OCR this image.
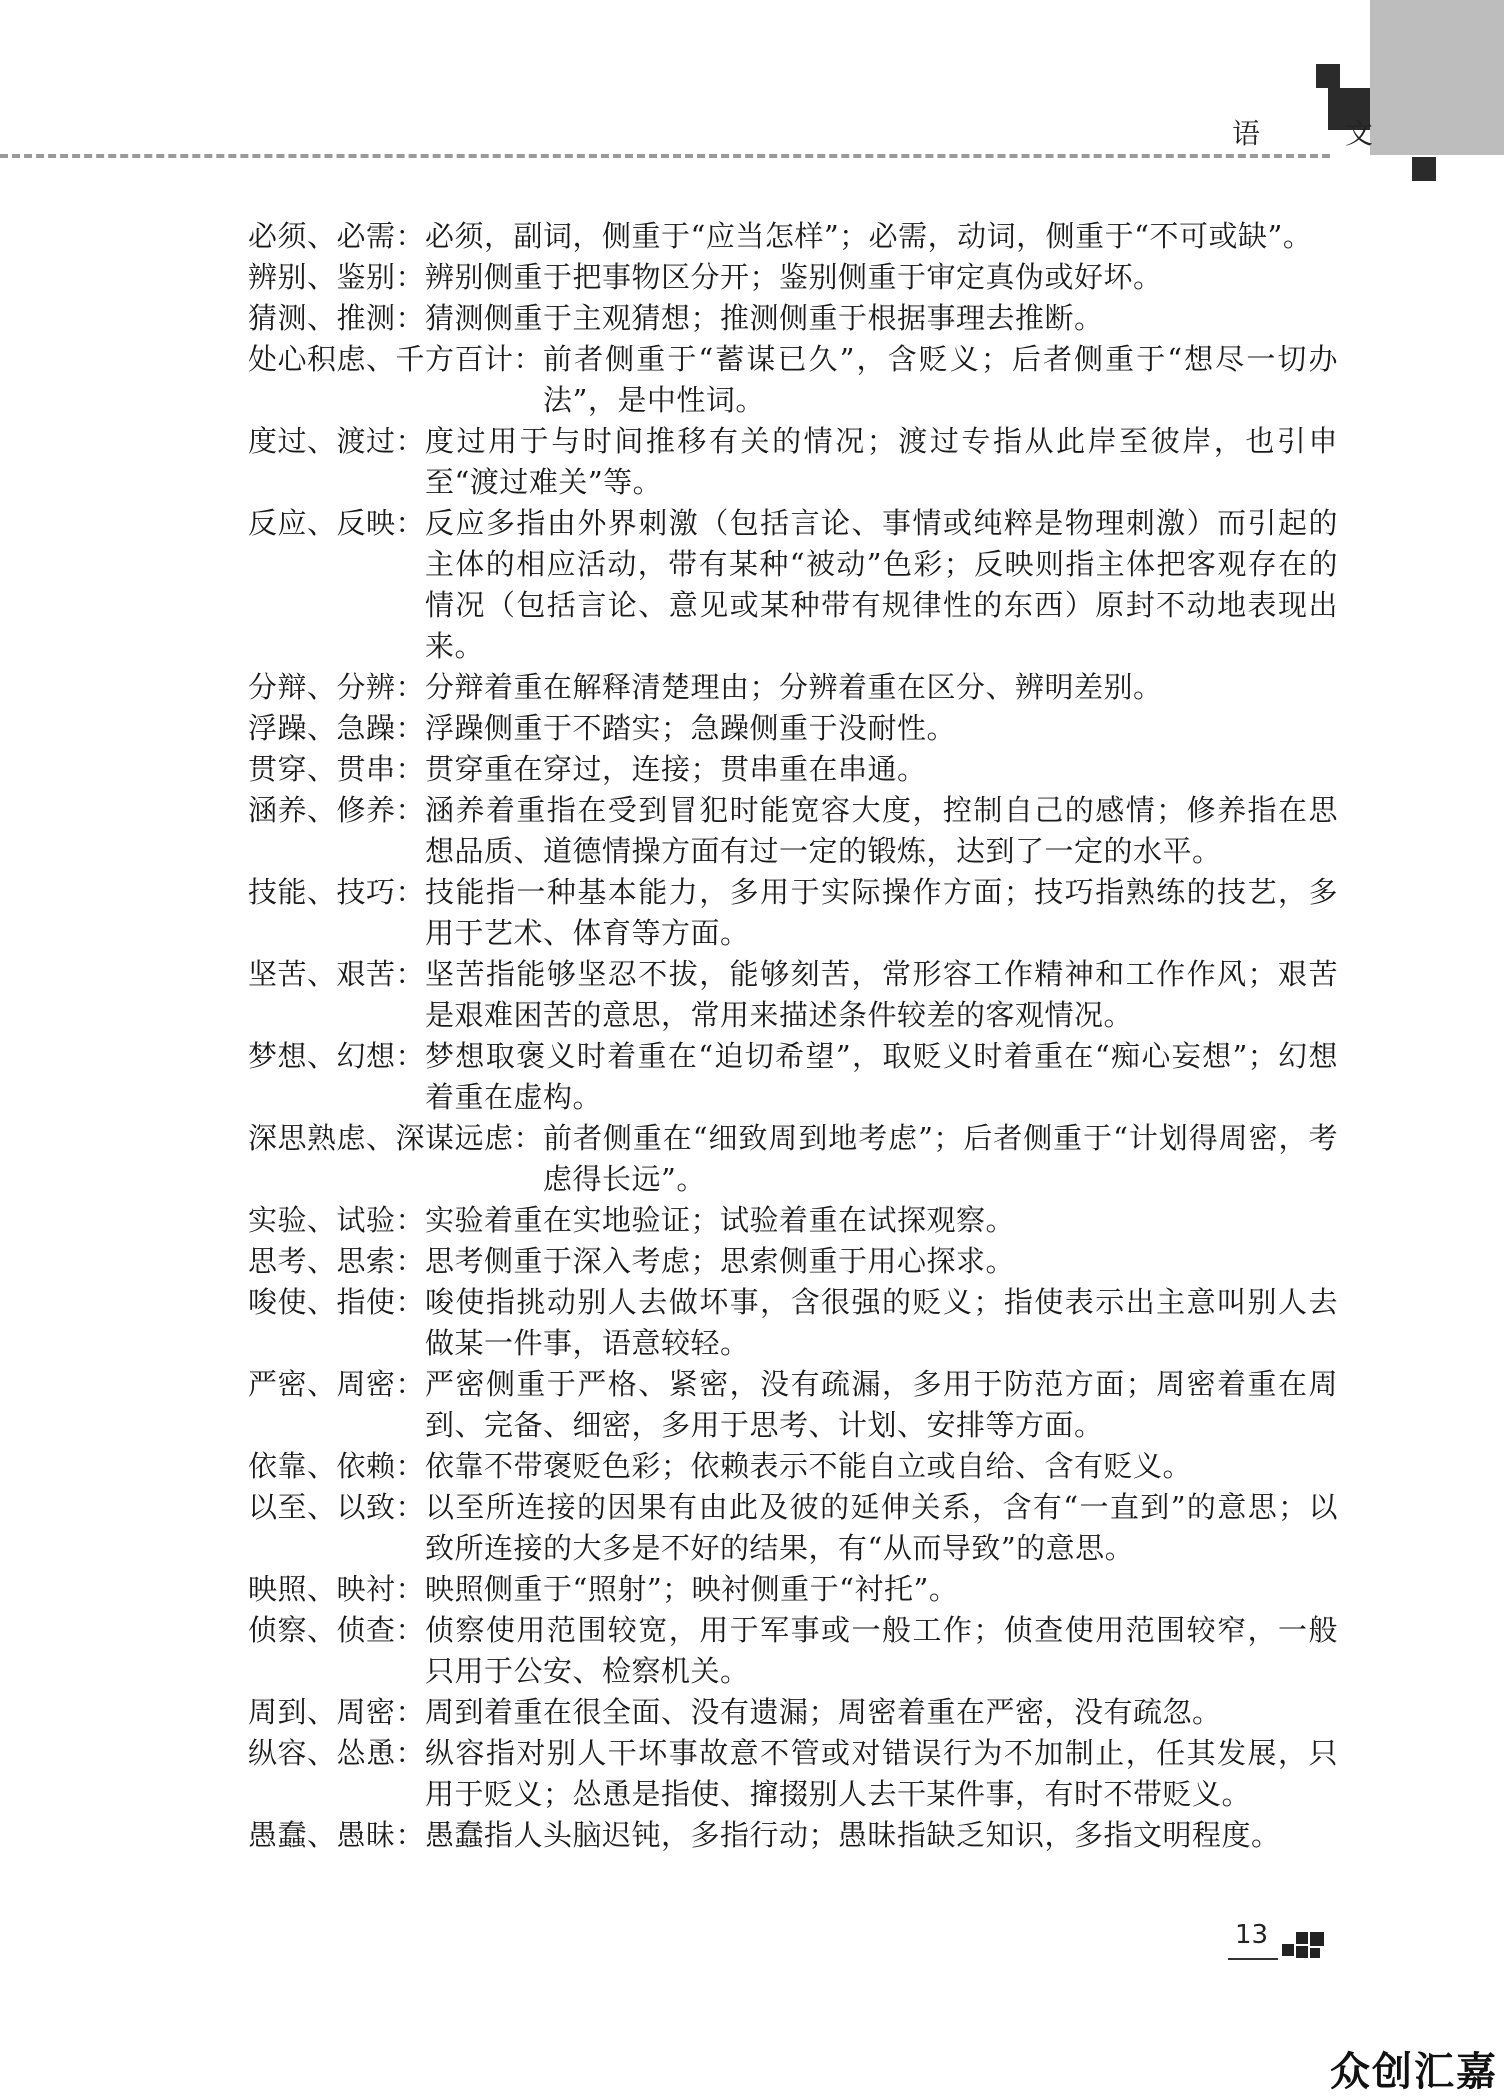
语 文
必须、必需： 必须，副词，侧重于“应当怎样”；必需，动词，侧重于“不可或缺”。
辨别、鉴别： 辨别侧重于把事物区分开；鉴别侧重于审定真伪或好坏。
猜测、推测： 猜测侧重于主观猜想；推测侧重于根据事理去推断。
处心积虑、千方百计： 前者侧重于“蓄谋已久”，含贬义；后者侧重于“想尽一切办法”，是中性词。
度过、渡过： 度过用于与时间推移有关的情况；渡过专指从此岸至彼岸，也引申至“渡过难关”等。
反应、反映： 反应多指由外界刺激（包括言论、事情或纯粹是物理刺激）而引起的主体的相应活动，带有某种“被动”色彩；反映则指主体把客观存在的情况（包括言论、意见或某种带有规律性的东西）原封不动地表现出来。
分辩、分辨： 分辩着重在解释清楚理由；分辨着重在区分、辨明差别。
浮躁、急躁： 浮躁侧重于不踏实；急躁侧重于没耐性。
贯穿、贯串： 贯穿重在穿过，连接；贯串重在串通。
涵养、修养： 涵养着重指在受到冒犯时能宽容大度，控制自己的感情；修养指在思想品质、道德情操方面有过一定的锻炼，达到了一定的水平。
技能、技巧： 技能指一种基本能力，多用于实际操作方面；技巧指熟练的技艺，多用于艺术、体育等方面。
坚苦、艰苦： 坚苦指能够坚忍不拔，能够刻苦，常形容工作精神和工作作风；艰苦是艰难困苦的意思，常用来描述条件较差的客观情况。
梦想、幻想： 梦想取褒义时着重在“迫切希望”，取贬义时着重在“痴心妄想”；幻想着重在虚构。
深思熟虑、深谋远虑： 前者侧重在“细致周到地考虑”；后者侧重于“计划得周密，考虑得长远”。
实验、试验： 实验着重在实地验证；试验着重在试探观察。
思考、思索： 思考侧重于深入考虑；思索侧重于用心探求。
唆使、指使： 唆使指挑动别人去做坏事，含很强的贬义；指使表示出主意叫别人去做某一件事，语意较轻。
严密、周密： 严密侧重于严格、紧密，没有疏漏，多用于防范方面；周密着重在周到、完备、细密，多用于思考、计划、安排等方面。
依靠、依赖： 依靠不带褒贬色彩；依赖表示不能自立或自给、含有贬义。
以至、以致： 以至所连接的因果有由此及彼的延伸关系，含有“一直到”的意思；以致所连接的大多是不好的结果，有“从而导致”的意思。
映照、映衬： 映照侧重于“照射”；映衬侧重于“衬托”。
侦察、侦查： 侦察使用范围较宽，用于军事或一般工作；侦查使用范围较窄，一般只用于公安、检察机关。
周到、周密： 周到着重在很全面、没有遗漏；周密着重在严密，没有疏忽。
纵容、怂恿： 纵容指对别人干坏事故意不管或对错误行为不加制止，任其发展，只用于贬义；怂恿是指使、撺掇别人去干某件事，有时不带贬义。
愚蠢、愚昧： 愚蠢指人头脑迟钝，多指行动；愚昧指缺乏知识，多指文明程度。
13
众创汇嘉
